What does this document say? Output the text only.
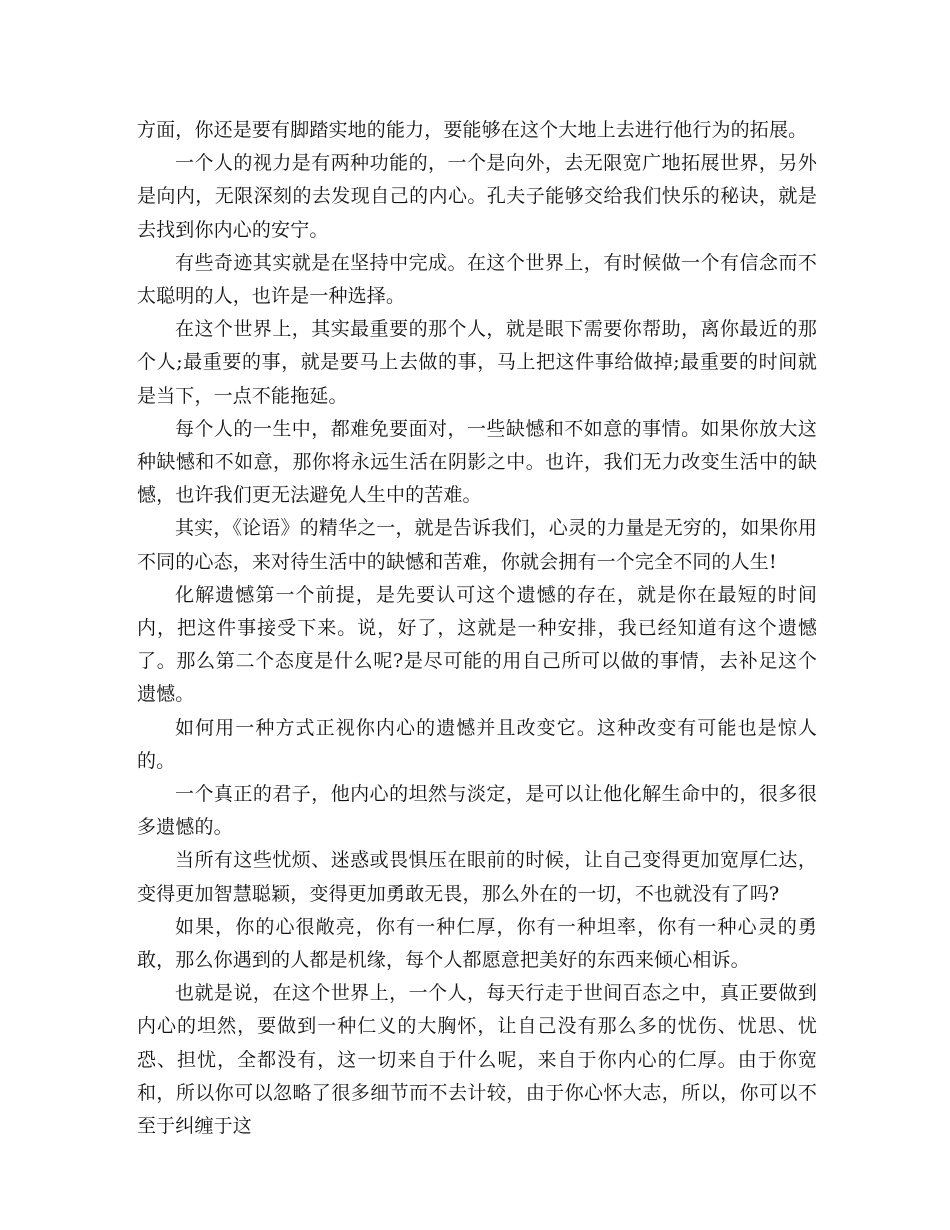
方面，你还是要有脚踏实地的能力，要能够在这个大地上去进行他行为的拓展。

一个人的视力是有两种功能的，一个是向外，去无限宽广地拓展世界，另外是向内，无限深刻的去发现自己的内心。孔夫子能够交给我们快乐的秘诀，就是去找到你内心的安宁。

有些奇迹其实就是在坚持中完成。在这个世界上，有时候做一个有信念而不太聪明的人，也许是一种选择。

在这个世界上，其实最重要的那个人，就是眼下需要你帮助，离你最近的那个人;最重要的事，就是要马上去做的事，马上把这件事给做掉;最重要的时间就是当下，一点不能拖延。

每个人的一生中，都难免要面对，一些缺憾和不如意的事情。如果你放大这种缺憾和不如意，那你将永远生活在阴影之中。也许，我们无力改变生活中的缺憾，也许我们更无法避免人生中的苦难。

其实，《论语》的精华之一，就是告诉我们，心灵的力量是无穷的，如果你用不同的心态，来对待生活中的缺憾和苦难，你就会拥有一个完全不同的人生!

化解遗憾第一个前提，是先要认可这个遗憾的存在，就是你在最短的时间内，把这件事接受下来。说，好了，这就是一种安排，我已经知道有这个遗憾了。那么第二个态度是什么呢?是尽可能的用自己所可以做的事情，去补足这个遗憾。

如何用一种方式正视你内心的遗憾并且改变它。这种改变有可能也是惊人的。

一个真正的君子，他内心的坦然与淡定，是可以让他化解生命中的，很多很多遗憾的。

当所有这些忧烦、迷惑或畏惧压在眼前的时候，让自己变得更加宽厚仁达，变得更加智慧聪颖，变得更加勇敢无畏，那么外在的一切，不也就没有了吗?

如果，你的心很敞亮，你有一种仁厚，你有一种坦率，你有一种心灵的勇敢，那么你遇到的人都是机缘，每个人都愿意把美好的东西来倾心相诉。

也就是说，在这个世界上，一个人，每天行走于世间百态之中，真正要做到内心的坦然，要做到一种仁义的大胸怀，让自己没有那么多的忧伤、忧思、忧恐、担忧，全都没有，这一切来自于什么呢，来自于你内心的仁厚。由于你宽和，所以你可以忽略了很多细节而不去计较，由于你心怀大志，所以，你可以不至于纠缠于这
